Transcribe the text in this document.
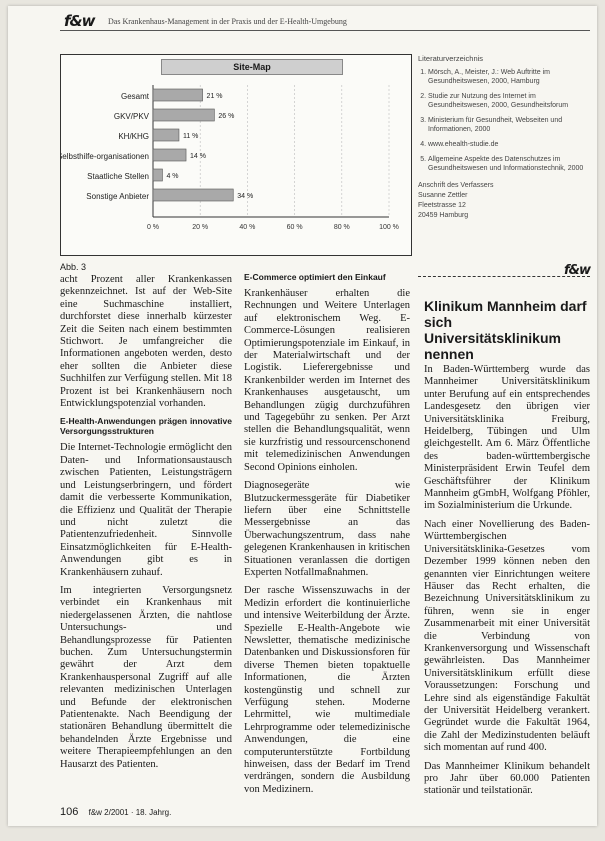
f&w Das Krankenhaus-Management in der Praxis und der E-Health-Umgebung
Site-Map
0 %	20 %	40 %	60 %	80 %	100 %
Gesamt	21 %
GKV/PKV	26 %
KH/KHG	11 %
Selbsthilfe-organisationen	14 %
Staatliche Stellen 4 %
Sonstige Anbieter	34 %
Abb. 3
Literaturverzeichnis
1. Mörsch, A., Meister, J.: Web Auftritte im Gesundheitswesen, 2000, Hamburg
2. Studie zur Nutzung des Internet im Gesundheitswesen, 2000, Gesundheitsforum
3. Ministerium für Gesundheit, Webseiten und Informationen, 2000
4. www.ehealth-studie.de
5. Allgemeine Aspekte des Datenschutzes im Gesundheitswesen und Informationstechnik, 2000
Anschrift des Verfassers
Susanne Zettler
Fleetstrasse 12
20459 Hamburg
f&w

acht Prozent aller Krankenkassen gekennzeichnet. Ist auf der Web-Site eine Suchmaschine installiert, durchforstet diese innerhalb kürzester Zeit die Seiten nach einem bestimmten Stichwort. Je umfangreicher die Informationen angeboten werden, desto eher sollten die Anbieter diese Suchhilfen zur Verfügung stellen. Mit 18 Prozent ist bei Krankenhäusern noch Entwicklungspotenzial vorhanden.

E-Health-Anwendungen prägen innovative Versorgungsstrukturen

Die Internet-Technologie ermöglicht den Daten- und Informationsaustausch zwischen Patienten, Leistungsträgern und Leistungserbringern, und fördert damit die verbesserte Kommunikation, die Effizienz und Qualität der Therapie und nicht zuletzt die Patientenzufriedenheit. Sinnvolle Einsatzmöglichkeiten für E-Health-Anwendungen gibt es in Krankenhäusern zuhauf.

Im integrierten Versorgungsnetz verbindet ein Krankenhaus mit niedergelassenen Ärzten, die nahtlose Untersuchungs- und Behandlungsprozesse für Patienten buchen. Zum Untersuchungstermin gewährt der Arzt dem Krankenhauspersonal Zugriff auf alle relevanten medizinischen Unterlagen und Befunde der elektronischen Patientenakte. Nach Beendigung der stationären Behandlung übermittelt die behandelnden Ärzte Ergebnisse und weitere Therapieempfehlungen an den Hausarzt des Patienten.

E-Commerce optimiert den Einkauf

Krankenhäuser erhalten die Rechnungen und Weitere Unterlagen auf elektronischem Weg. E-Commerce-Lösungen realisieren Optimierungspotenziale im Einkauf, in der Materialwirtschaft und der Logistik. Lieferergebnisse und Krankenbilder werden im Internet des Krankenhauses ausgetauscht, um Behandlungen zügig durchzuführen und Tagegebühr zu senken. Per Arzt stellen die Behandlungsqualität, wenn sie kurzfristig und ressourcenschonend mit telemedizinischen Anwendungen Second Opinions einholen.

Diagnosegeräte wie Blutzuckermessgeräte für Diabetiker liefern über eine Schnittstelle Messergebnisse an das Überwachungszentrum, dass nahe gelegenen Krankenhausen in kritischen Situationen veranlassen die dortigen Experten Notfallmaßnahmen.

Der rasche Wissenszuwachs in der Medizin erfordert die kontinuierliche und intensive Weiterbildung der Ärzte. Spezielle E-Health-Angebote wie Newsletter, thematische medizinische Datenbanken und Diskussionsforen für diverse Themen bieten topaktuelle Informationen, die Ärzten kostengünstig und schnell zur Verfügung stehen. Moderne Lehrmittel, wie multimediale Lehrprogramme oder telemedizinische Anwendungen, die eine computerunterstützte Fortbildung hinweisen, dass der Bedarf im Trend verdrängen, sondern die Ausbildung von Medizinern.

Klinikum Mannheim darf sich Universitätsklinikum nennen

In Baden-Württemberg wurde das Mannheimer Universitätsklinikum unter Berufung auf ein entsprechendes Landesgesetz den übrigen vier Universitätsklinika Freiburg, Heidelberg, Tübingen und Ulm gleichgestellt. Am 6. März Öffentliche des baden-württembergische Ministerpräsident Erwin Teufel dem Geschäftsführer der Klinikum Mannheim gGmbH, Wolfgang Pföhler, im Sozialministerium die Urkunde.

Nach einer Novellierung des Baden-Württembergischen Universitätsklinika-Gesetzes vom Dezember 1999 können neben den genannten vier Einrichtungen weitere Häuser das Recht erhalten, die Bezeichnung Universitätsklinikum zu führen, wenn sie in enger Zusammenarbeit mit einer Universität die Verbindung von Krankenversorgung und Wissenschaft gewährleisten. Das Mannheimer Universitätsklinikum erfüllt diese Voraussetzungen: Forschung und Lehre sind als eigenständige Fakultät der Universität Heidelberg verankert. Gegründet wurde die Fakultät 1964, die Zahl der Medizinstudenten beläuft sich momentan auf rund 400.

Das Mannheimer Klinikum behandelt pro Jahr über 60.000 Patienten stationär und teilstationär.

106 f&w 2/2001 · 18. Jahrg.
